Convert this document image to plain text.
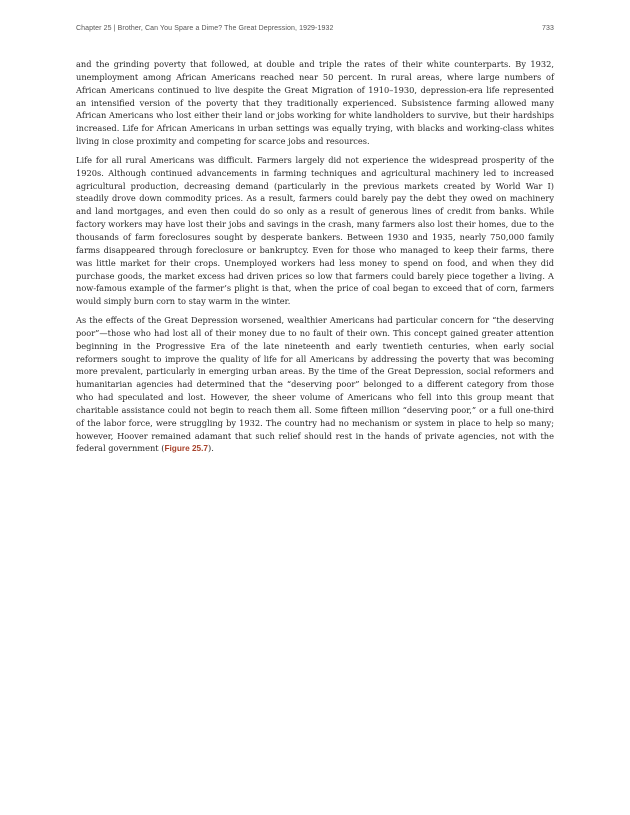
Chapter 25 | Brother, Can You Spare a Dime? The Great Depression, 1929-1932	733

and the grinding poverty that followed, at double and triple the rates of their white counterparts. By 1932, unemployment among African Americans reached near 50 percent. In rural areas, where large numbers of African Americans continued to live despite the Great Migration of 1910–1930, depression-era life represented an intensified version of the poverty that they traditionally experienced. Subsistence farming allowed many African Americans who lost either their land or jobs working for white landholders to survive, but their hardships increased. Life for African Americans in urban settings was equally trying, with blacks and working-class whites living in close proximity and competing for scarce jobs and resources.

Life for all rural Americans was difficult. Farmers largely did not experience the widespread prosperity of the 1920s. Although continued advancements in farming techniques and agricultural machinery led to increased agricultural production, decreasing demand (particularly in the previous markets created by World War I) steadily drove down commodity prices. As a result, farmers could barely pay the debt they owed on machinery and land mortgages, and even then could do so only as a result of generous lines of credit from banks. While factory workers may have lost their jobs and savings in the crash, many farmers also lost their homes, due to the thousands of farm foreclosures sought by desperate bankers. Between 1930 and 1935, nearly 750,000 family farms disappeared through foreclosure or bankruptcy. Even for those who managed to keep their farms, there was little market for their crops. Unemployed workers had less money to spend on food, and when they did purchase goods, the market excess had driven prices so low that farmers could barely piece together a living. A now-famous example of the farmer’s plight is that, when the price of coal began to exceed that of corn, farmers would simply burn corn to stay warm in the winter.

As the effects of the Great Depression worsened, wealthier Americans had particular concern for “the deserving poor”—those who had lost all of their money due to no fault of their own. This concept gained greater attention beginning in the Progressive Era of the late nineteenth and early twentieth centuries, when early social reformers sought to improve the quality of life for all Americans by addressing the poverty that was becoming more prevalent, particularly in emerging urban areas. By the time of the Great Depression, social reformers and humanitarian agencies had determined that the “deserving poor” belonged to a different category from those who had speculated and lost. However, the sheer volume of Americans who fell into this group meant that charitable assistance could not begin to reach them all. Some fifteen million “deserving poor,” or a full one-third of the labor force, were struggling by 1932. The country had no mechanism or system in place to help so many; however, Hoover remained adamant that such relief should rest in the hands of private agencies, not with the federal government (Figure 25.7).
